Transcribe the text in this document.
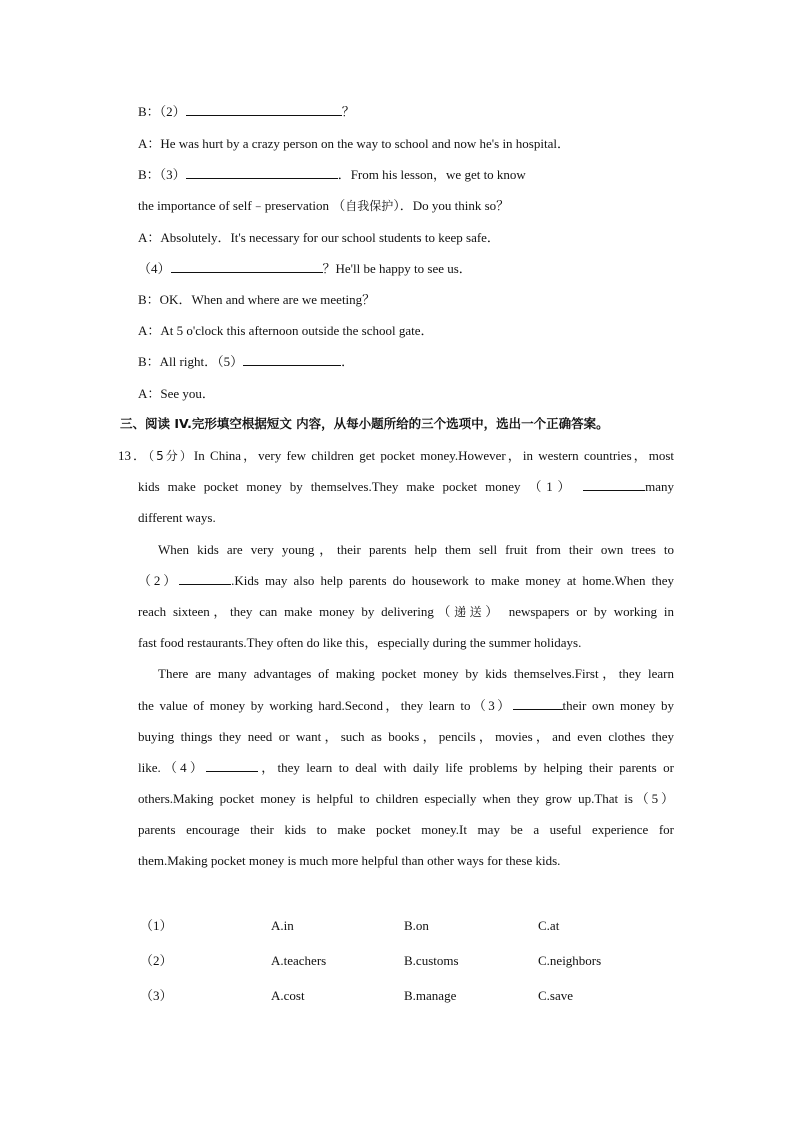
B：（2）	？
A：He was hurt by a crazy person on the way to school and now he's in hospital．
B：（3）	．From his lesson，we get to know
the importance of self﹣preservation （自我保护）．Do you think so？
A：Absolutely．It's necessary for our school students to keep safe．
（4）	？He'll be happy to see us．
B：OK．When and where are we meeting？
A：At 5 o'clock this afternoon outside the school gate．
B：All right．（5）	．
A：See you．
三、阅读 IV.完形填空根据短文 内容，从每小题所给的三个选项中，选出一个正确答案。
13．（5分）In China，very few children get pocket money.However，in western countries，most
kids make pocket money by themselves.They make pocket money （1）	many
different ways.
When kids are very young，their parents help them sell fruit from their own trees to
（2）	.Kids may also help parents do housework to make money at home.When they
reach sixteen，they can make money by delivering（递送） newspapers or by working in
fast food restaurants.They often do like this，especially during the summer holidays.
There are many advantages of making pocket money by kids themselves.First，they learn
the value of money by working hard.Second，they learn to（3）	their own money by
buying things they need or want，such as books，pencils，movies，and even clothes they
like.（4）	，they learn to deal with daily life problems by helping their parents or
others.Making pocket money is helpful to children especially when they grow up.That is（5）
parents encourage their kids to make pocket money.It may be a useful experience for
them.Making pocket money is much more helpful than other ways for these kids.
（1）	A.in	B.on	C.at
（2）	A.teachers	B.customs	C.neighbors
（3）	A.cost	B.manage	C.save
